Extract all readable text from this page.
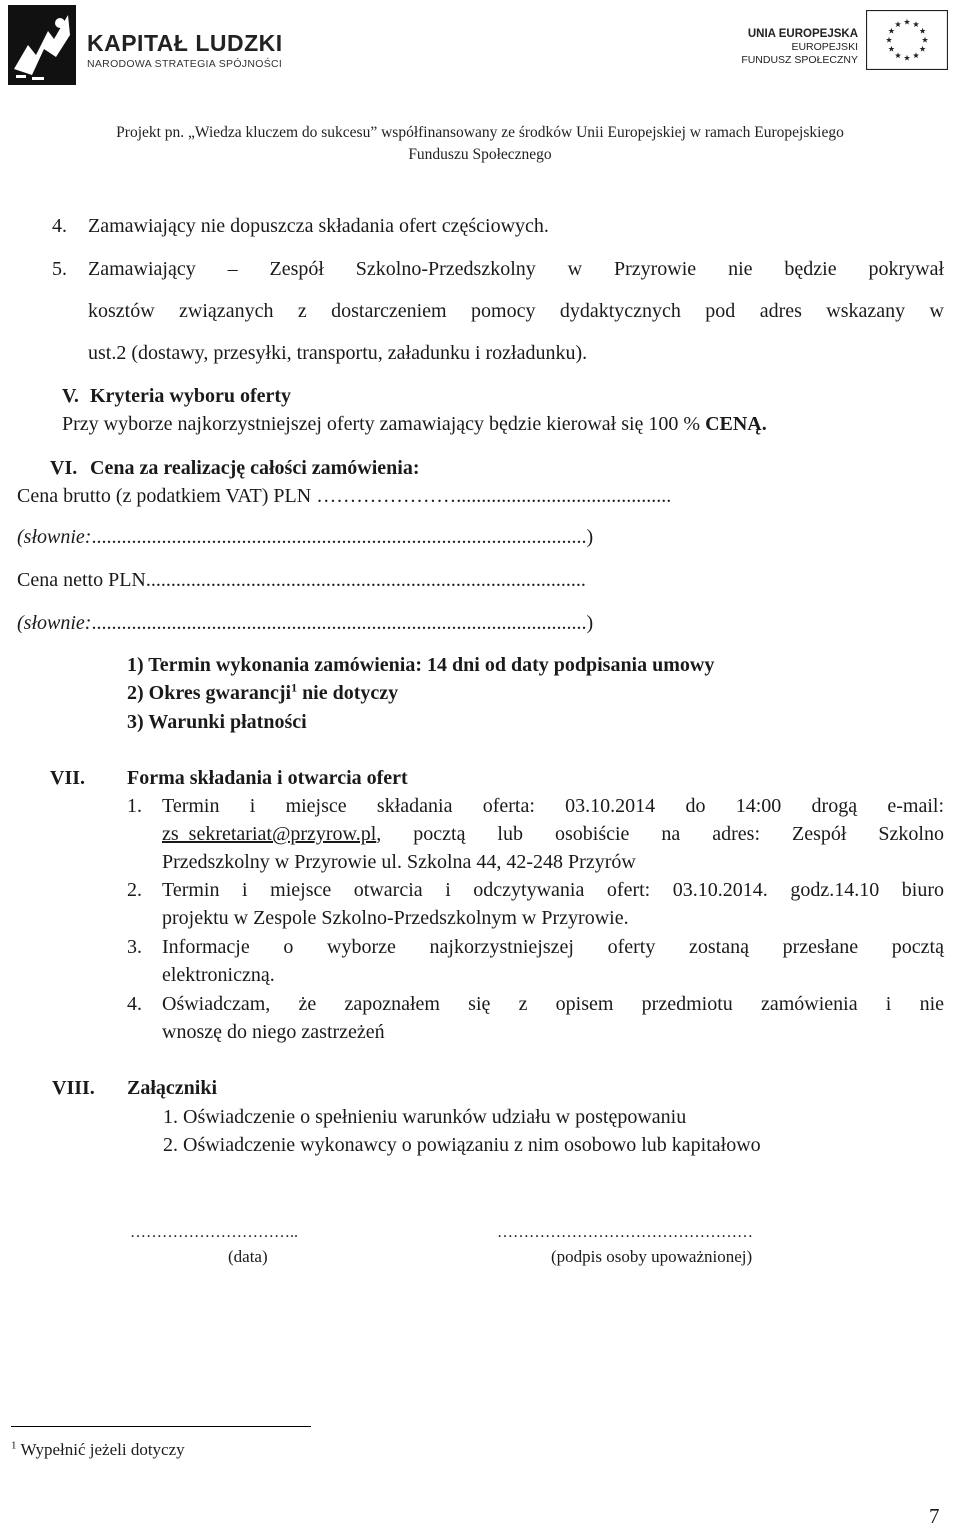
KAPITAŁ LUDZKI
NARODOWA STRATEGIA SPÓJNOŚCI
UNIA EUROPEJSKA
EUROPEJSKI
FUNDUSZ SPOŁECZNY
Projekt pn. „Wiedza kluczem do sukcesu” współfinansowany ze środków Unii Europejskiej w ramach Europejskiego
Funduszu Społecznego
4. Zamawiający nie dopuszcza składania ofert częściowych.
5. Zamawiający – Zespół Szkolno-Przedszkolny w Przyrowie nie będzie pokrywał
kosztów związanych z dostarczeniem pomocy dydaktycznych pod adres wskazany w
ust.2 (dostawy, przesyłki, transportu, załadunku i rozładunku).
V. Kryteria wyboru oferty
Przy wyborze najkorzystniejszej oferty zamawiający będzie kierował się 100 % CENĄ.
VI. Cena za realizację całości zamówienia:
Cena brutto (z podatkiem VAT) PLN …………………...........................................
(słownie:...................................................................................................)
Cena netto PLN........................................................................................
(słownie:...................................................................................................)
1) Termin wykonania zamówienia: 14 dni od daty podpisania umowy
2) Okres gwarancji$^1$ nie dotyczy
3) Warunki płatności
VII. Forma składania i otwarcia ofert
1. Termin i miejsce składania oferta: 03.10.2014 do 14:00 drogą e-mail:
zs_sekretariat@przyrow.pl , pocztą lub osobiście na adres: Zespół Szkolno
Przedszkolny w Przyrowie ul. Szkolna 44, 42-248 Przyrów
2. Termin i miejsce otwarcia i odczytywania ofert: 03.10.2014. godz.14.10 biuro
projektu w Zespole Szkolno-Przedszkolnym w Przyrowie.
3. Informacje o wyborze najkorzystniejszej oferty zostaną przesłane pocztą
elektroniczną.
4. Oświadczam, że zapoznałem się z opisem przedmiotu zamówienia i nie
wnoszę do niego zastrzeżeń
VIII. Załączniki
1. Oświadczenie o spełnieniu warunków udziału w postępowaniu
2. Oświadczenie wykonawcy o powiązaniu z nim osobowo lub kapitałowo
…………………………..	…………………………………………
(data)	(podpis osoby upoważnionej)
$^1$ Wypełnić jeżeli dotyczy
7
